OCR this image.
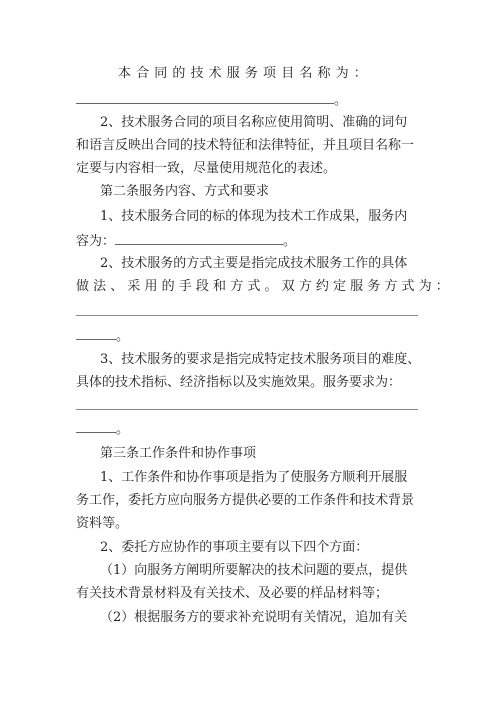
本 合 同 的 技 术 服 务 项 目 名 称 为 ：
。
2、技术服务合同的项目名称应使用简明、准确的词句
和语言反映出合同的技术特征和法律特征，并且项目名称一
定要与内容相一致，尽量使用规范化的表述。
第二条服务内容、方式和要求
1、技术服务合同的标的体现为技术工作成果，服务内
容为：	。
2、技术服务的方式主要是指完成技术服务工作的具体
做 法 、 采 用 的 手 段 和 方 式 。 双 方 约 定 服 务 方 式 为 ：
。
3、技术服务的要求是指完成特定技术服务项目的难度、
具体的技术指标、经济指标以及实施效果。服务要求为：
。
第三条工作条件和协作事项
1、工作条件和协作事项是指为了使服务方顺利开展服
务工作，委托方应向服务方提供必要的工作条件和技术背景
资料等。
2、委托方应协作的事项主要有以下四个方面：
（1）向服务方阐明所要解决的技术问题的要点，提供
有关技术背景材料及有关技术、及必要的样品材料等；
（2）根据服务方的要求补充说明有关情况，追加有关
